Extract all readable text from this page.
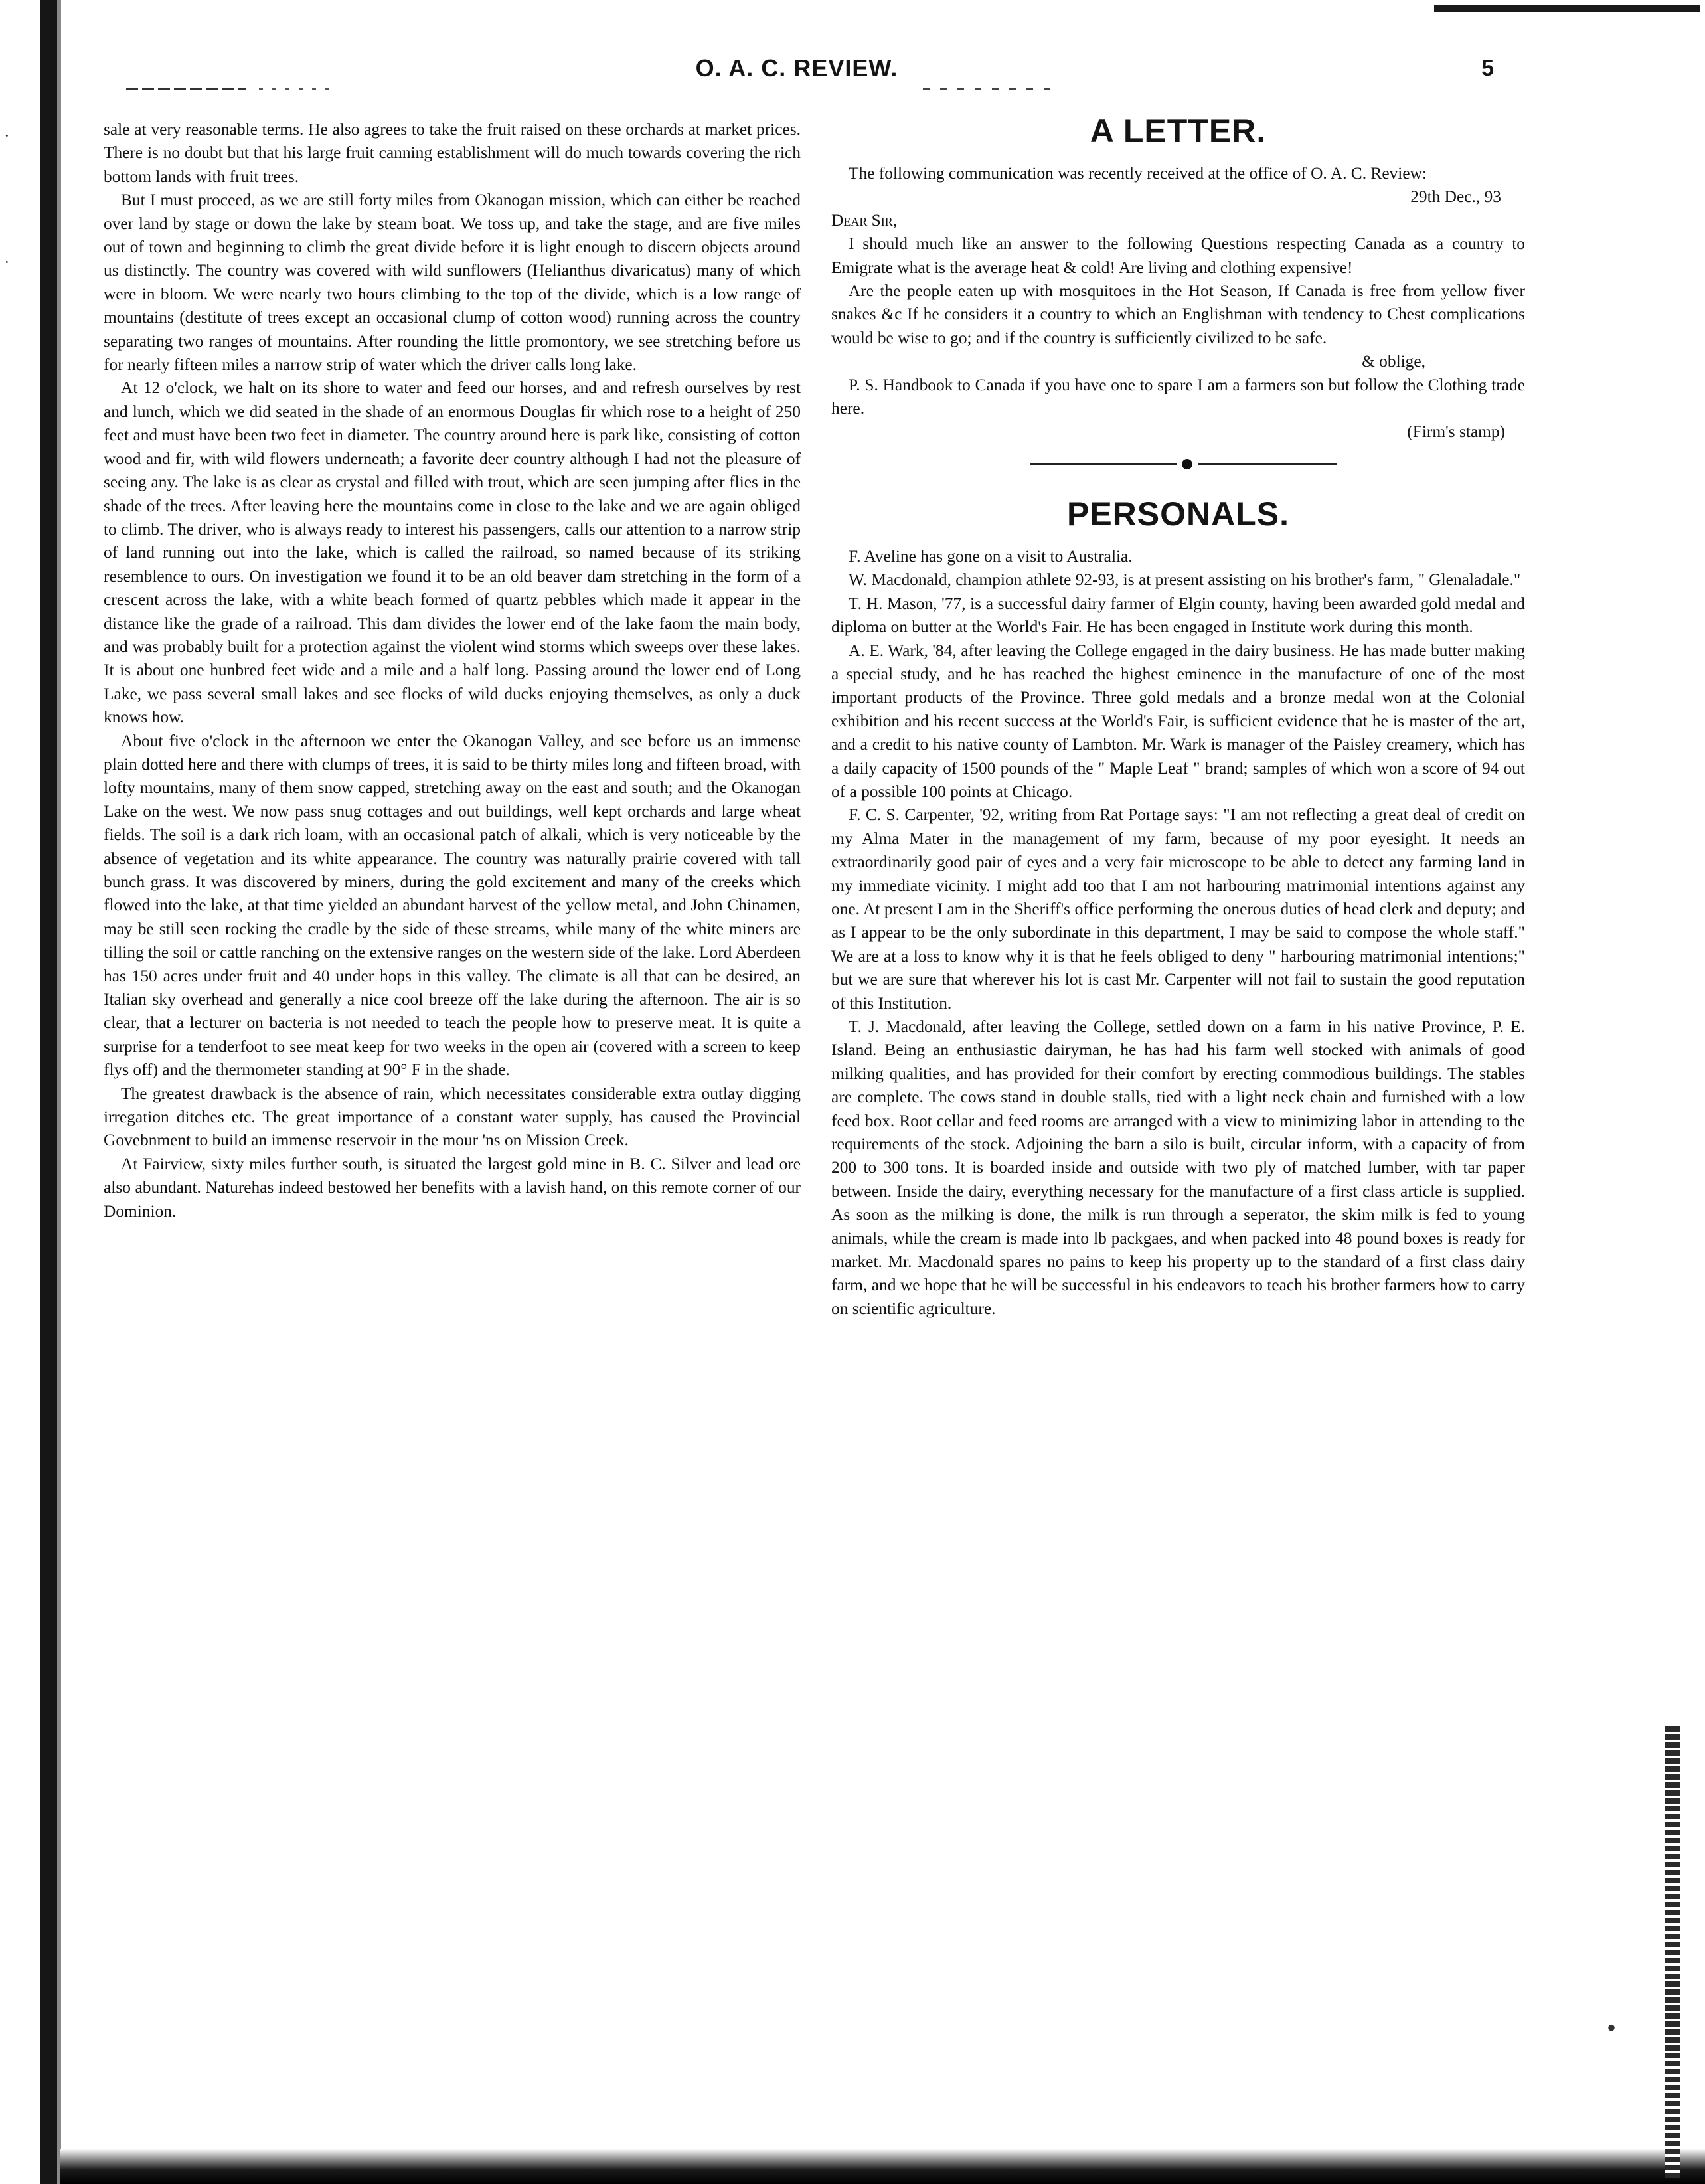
·
·
•
O. A. C. REVIEW.	5

sale at very reasonable terms. He also agrees to take the fruit raised on these orchards at market prices. There is no doubt but that his large fruit canning establishment will do much towards covering the rich bottom lands with fruit trees.

But I must proceed, as we are still forty miles from Okanogan mission, which can either be reached over land by stage or down the lake by steam boat. We toss up, and take the stage, and are five miles out of town and beginning to climb the great divide before it is light enough to discern objects around us distinctly. The country was covered with wild sunflowers (Helianthus divaricatus) many of which were in bloom. We were nearly two hours climbing to the top of the divide, which is a low range of mountains (destitute of trees except an occasional clump of cotton wood) running across the country separating two ranges of mountains. After rounding the little promontory, we see stretching before us for nearly fifteen miles a narrow strip of water which the driver calls long lake.

At 12 o'clock, we halt on its shore to water and feed our horses, and and refresh ourselves by rest and lunch, which we did seated in the shade of an enormous Douglas fir which rose to a height of 250 feet and must have been two feet in diameter. The country around here is park like, consisting of cotton wood and fir, with wild flowers underneath; a favorite deer country although I had not the pleasure of seeing any. The lake is as clear as crystal and filled with trout, which are seen jumping after flies in the shade of the trees. After leaving here the mountains come in close to the lake and we are again obliged to climb. The driver, who is always ready to interest his passengers, calls our attention to a narrow strip of land running out into the lake, which is called the railroad, so named because of its striking resemblence to ours. On investigation we found it to be an old beaver dam stretching in the form of a crescent across the lake, with a white beach formed of quartz pebbles which made it appear in the distance like the grade of a railroad. This dam divides the lower end of the lake faom the main body, and was probably built for a protection against the violent wind storms which sweeps over these lakes. It is about one hunbred feet wide and a mile and a half long. Passing around the lower end of Long Lake, we pass several small lakes and see flocks of wild ducks enjoying themselves, as only a duck knows how.

About five o'clock in the afternoon we enter the Okanogan Valley, and see before us an immense plain dotted here and there with clumps of trees, it is said to be thirty miles long and fifteen broad, with lofty mountains, many of them snow capped, stretching away on the east and south; and the Okanogan Lake on the west. We now pass snug cottages and out buildings, well kept orchards and large wheat fields. The soil is a dark rich loam, with an occasional patch of alkali, which is very noticeable by the absence of vegetation and its white appearance. The country was naturally prairie covered with tall bunch grass. It was discovered by miners, during the gold excitement and many of the creeks which flowed into the lake, at that time yielded an abundant harvest of the yellow metal, and John Chinamen, may be still seen rocking the cradle by the side of these streams, while many of the white miners are tilling the soil or cattle ranching on the extensive ranges on the western side of the lake. Lord Aberdeen has 150 acres under fruit and 40 under hops in this valley. The climate is all that can be desired, an Italian sky overhead and generally a nice cool breeze off the lake during the afternoon. The air is so clear, that a lecturer on bacteria is not needed to teach the people how to preserve meat. It is quite a surprise for a tenderfoot to see meat keep for two weeks in the open air (covered with a screen to keep flys off) and the thermometer standing at 90° F in the shade.

The greatest drawback is the absence of rain, which necessitates considerable extra outlay digging irregation ditches etc. The great importance of a constant water supply, has caused the Provincial Govebnment to build an immense reservoir in the mour 'ns on Mission Creek.

At Fairview, sixty miles further south, is situated the largest gold mine in B. C. Silver and lead ore also abundant. Naturehas indeed bestowed her benefits with a lavish hand, on this remote corner of our Dominion.

A LETTER.

The following communication was recently received at the office of O. A. C. Review:

29th Dec., 93

Dear Sir,

I should much like an answer to the following Questions respecting Canada as a country to Emigrate what is the average heat & cold! Are living and clothing expensive!

Are the people eaten up with mosquitoes in the Hot Season, If Canada is free from yellow fiver snakes &c If he considers it a country to which an Englishman with tendency to Chest complications would be wise to go; and if the country is sufficiently civilized to be safe.

& oblige,

P. S. Handbook to Canada if you have one to spare I am a farmers son but follow the Clothing trade here.

(Firm's stamp)

PERSONALS.

F. Aveline has gone on a visit to Australia.

W. Macdonald, champion athlete 92-93, is at present assisting on his brother's farm, " Glenaladale."

T. H. Mason, '77, is a successful dairy farmer of Elgin county, having been awarded gold medal and diploma on butter at the World's Fair. He has been engaged in Institute work during this month.

A. E. Wark, '84, after leaving the College engaged in the dairy business. He has made butter making a special study, and he has reached the highest eminence in the manufacture of one of the most important products of the Province. Three gold medals and a bronze medal won at the Colonial exhibition and his recent success at the World's Fair, is sufficient evidence that he is master of the art, and a credit to his native county of Lambton. Mr. Wark is manager of the Paisley creamery, which has a daily capacity of 1500 pounds of the " Maple Leaf " brand; samples of which won a score of 94 out of a possible 100 points at Chicago.

F. C. S. Carpenter, '92, writing from Rat Portage says: "I am not reflecting a great deal of credit on my Alma Mater in the management of my farm, because of my poor eyesight. It needs an extraordinarily good pair of eyes and a very fair microscope to be able to detect any farming land in my immediate vicinity. I might add too that I am not harbouring matrimonial intentions against any one. At present I am in the Sheriff's office performing the onerous duties of head clerk and deputy; and as I appear to be the only subordinate in this department, I may be said to compose the whole staff." We are at a loss to know why it is that he feels obliged to deny " harbouring matrimonial intentions;" but we are sure that wherever his lot is cast Mr. Carpenter will not fail to sustain the good reputation of this Institution.

T. J. Macdonald, after leaving the College, settled down on a farm in his native Province, P. E. Island. Being an enthusiastic dairyman, he has had his farm well stocked with animals of good milking qualities, and has provided for their comfort by erecting commodious buildings. The stables are complete. The cows stand in double stalls, tied with a light neck chain and furnished with a low feed box. Root cellar and feed rooms are arranged with a view to minimizing labor in attending to the requirements of the stock. Adjoining the barn a silo is built, circular inform, with a capacity of from 200 to 300 tons. It is boarded inside and outside with two ply of matched lumber, with tar paper between. Inside the dairy, everything necessary for the manufacture of a first class article is supplied. As soon as the milking is done, the milk is run through a seperator, the skim milk is fed to young animals, while the cream is made into lb packgaes, and when packed into 48 pound boxes is ready for market. Mr. Macdonald spares no pains to keep his property up to the standard of a first class dairy farm, and we hope that he will be successful in his endeavors to teach his brother farmers how to carry on scientific agriculture.
